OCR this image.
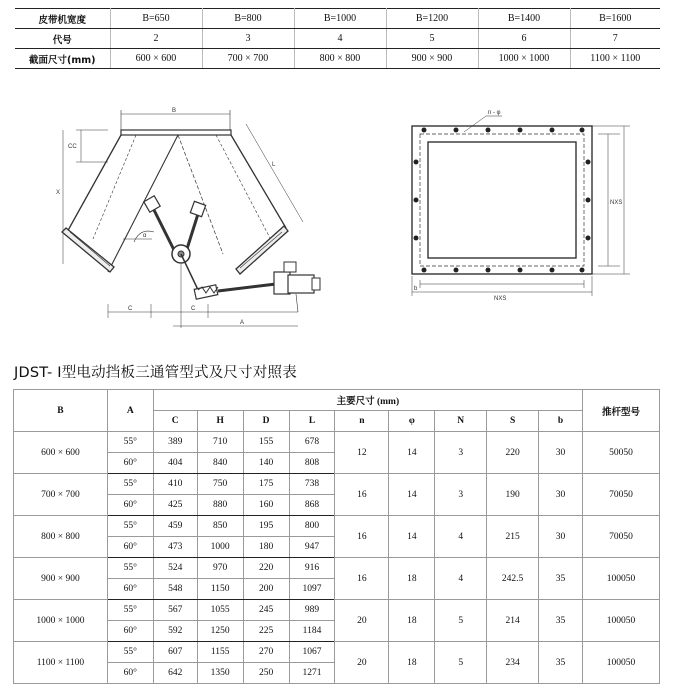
皮带机宽度	B=650	B=800	B=1000	B=1200	B=1400	B=1600
代号	2	3	4	5	6	7
截面尺寸(mm)	600 × 600	700 × 700	800 × 800	900 × 900	1000 × 1000	1100 × 1100
B
CC
X
L
α
C	C
A
n - φ
NXS
NXS
b
JDST- Ⅰ型电动挡板三通管型式及尺寸对照表
B	A	主要尺寸 (mm)									推杆型号
		C	H	D	L	n	φ	N	S	b	
600 × 600	55°	389	710	155	678	12	14	3	220	30	50050
	60°	404	840	140	808						
700 × 700	55°	410	750	175	738	16	14	3	190	30	70050
	60°	425	880	160	868						
800 × 800	55°	459	850	195	800	16	14	4	215	30	70050
	60°	473	1000	180	947						
900 × 900	55°	524	970	220	916	16	18	4	242.5	35	100050
	60°	548	1150	200	1097						
1000 × 1000	55°	567	1055	245	989	20	18	5	214	35	100050
	60°	592	1250	225	1184						
1100 × 1100	55°	607	1155	270	1067	20	18	5	234	35	100050
	60°	642	1350	250	1271						
